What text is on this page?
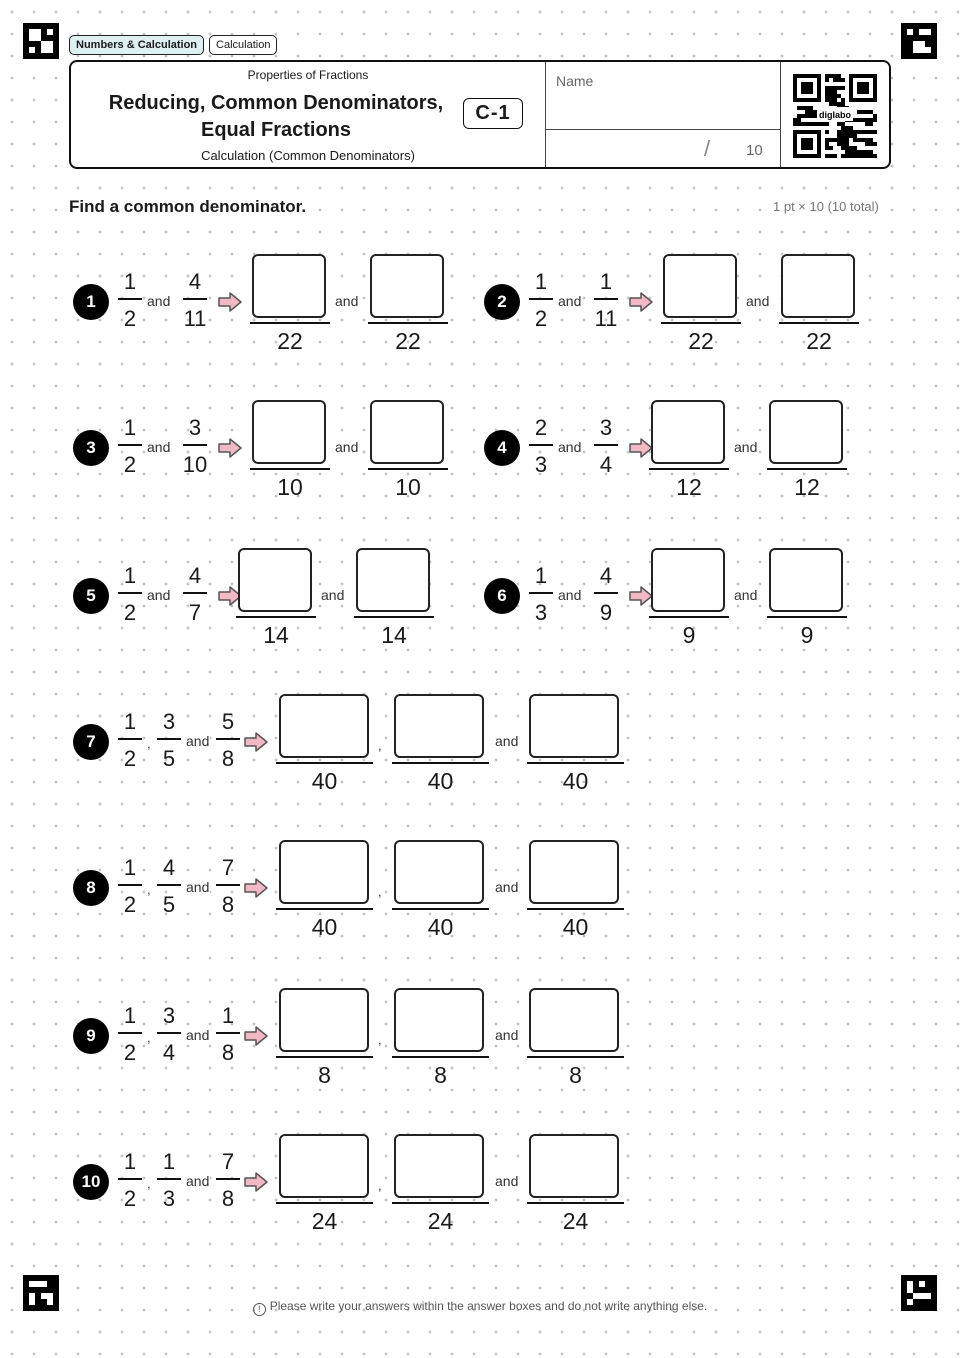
Numbers & Calculation	Calculation
Properties of Fractions
Reducing, Common Denominators,
Equal Fractions
C-1
Calculation (Common Denominators)
Name
/ 10
diglabo
Find a common denominator.	1 pt × 10 (10 total)
1
1
2
and
4
11
22
and
22
2
1
2
and
1
11
22
and
22
3
1
2
and
3
10
10
and
10
4
2
3
and
3
4
12
and
12
5
1
2
and
4
7
14
and
14
6
1
3
and
4
9
9
and
9
7
1
2
,
3
5
and
5
8
40
,
40
and
40
8
1
2
,
4
5
and
7
8
40
,
40
and
40
9
1
2
,
3
4
and
1
8
8
,
8
and
8
10
1
2
,
1
3
and
7
8
24
,
24
and
24
! Please write your answers within the answer boxes and do not write anything else.
